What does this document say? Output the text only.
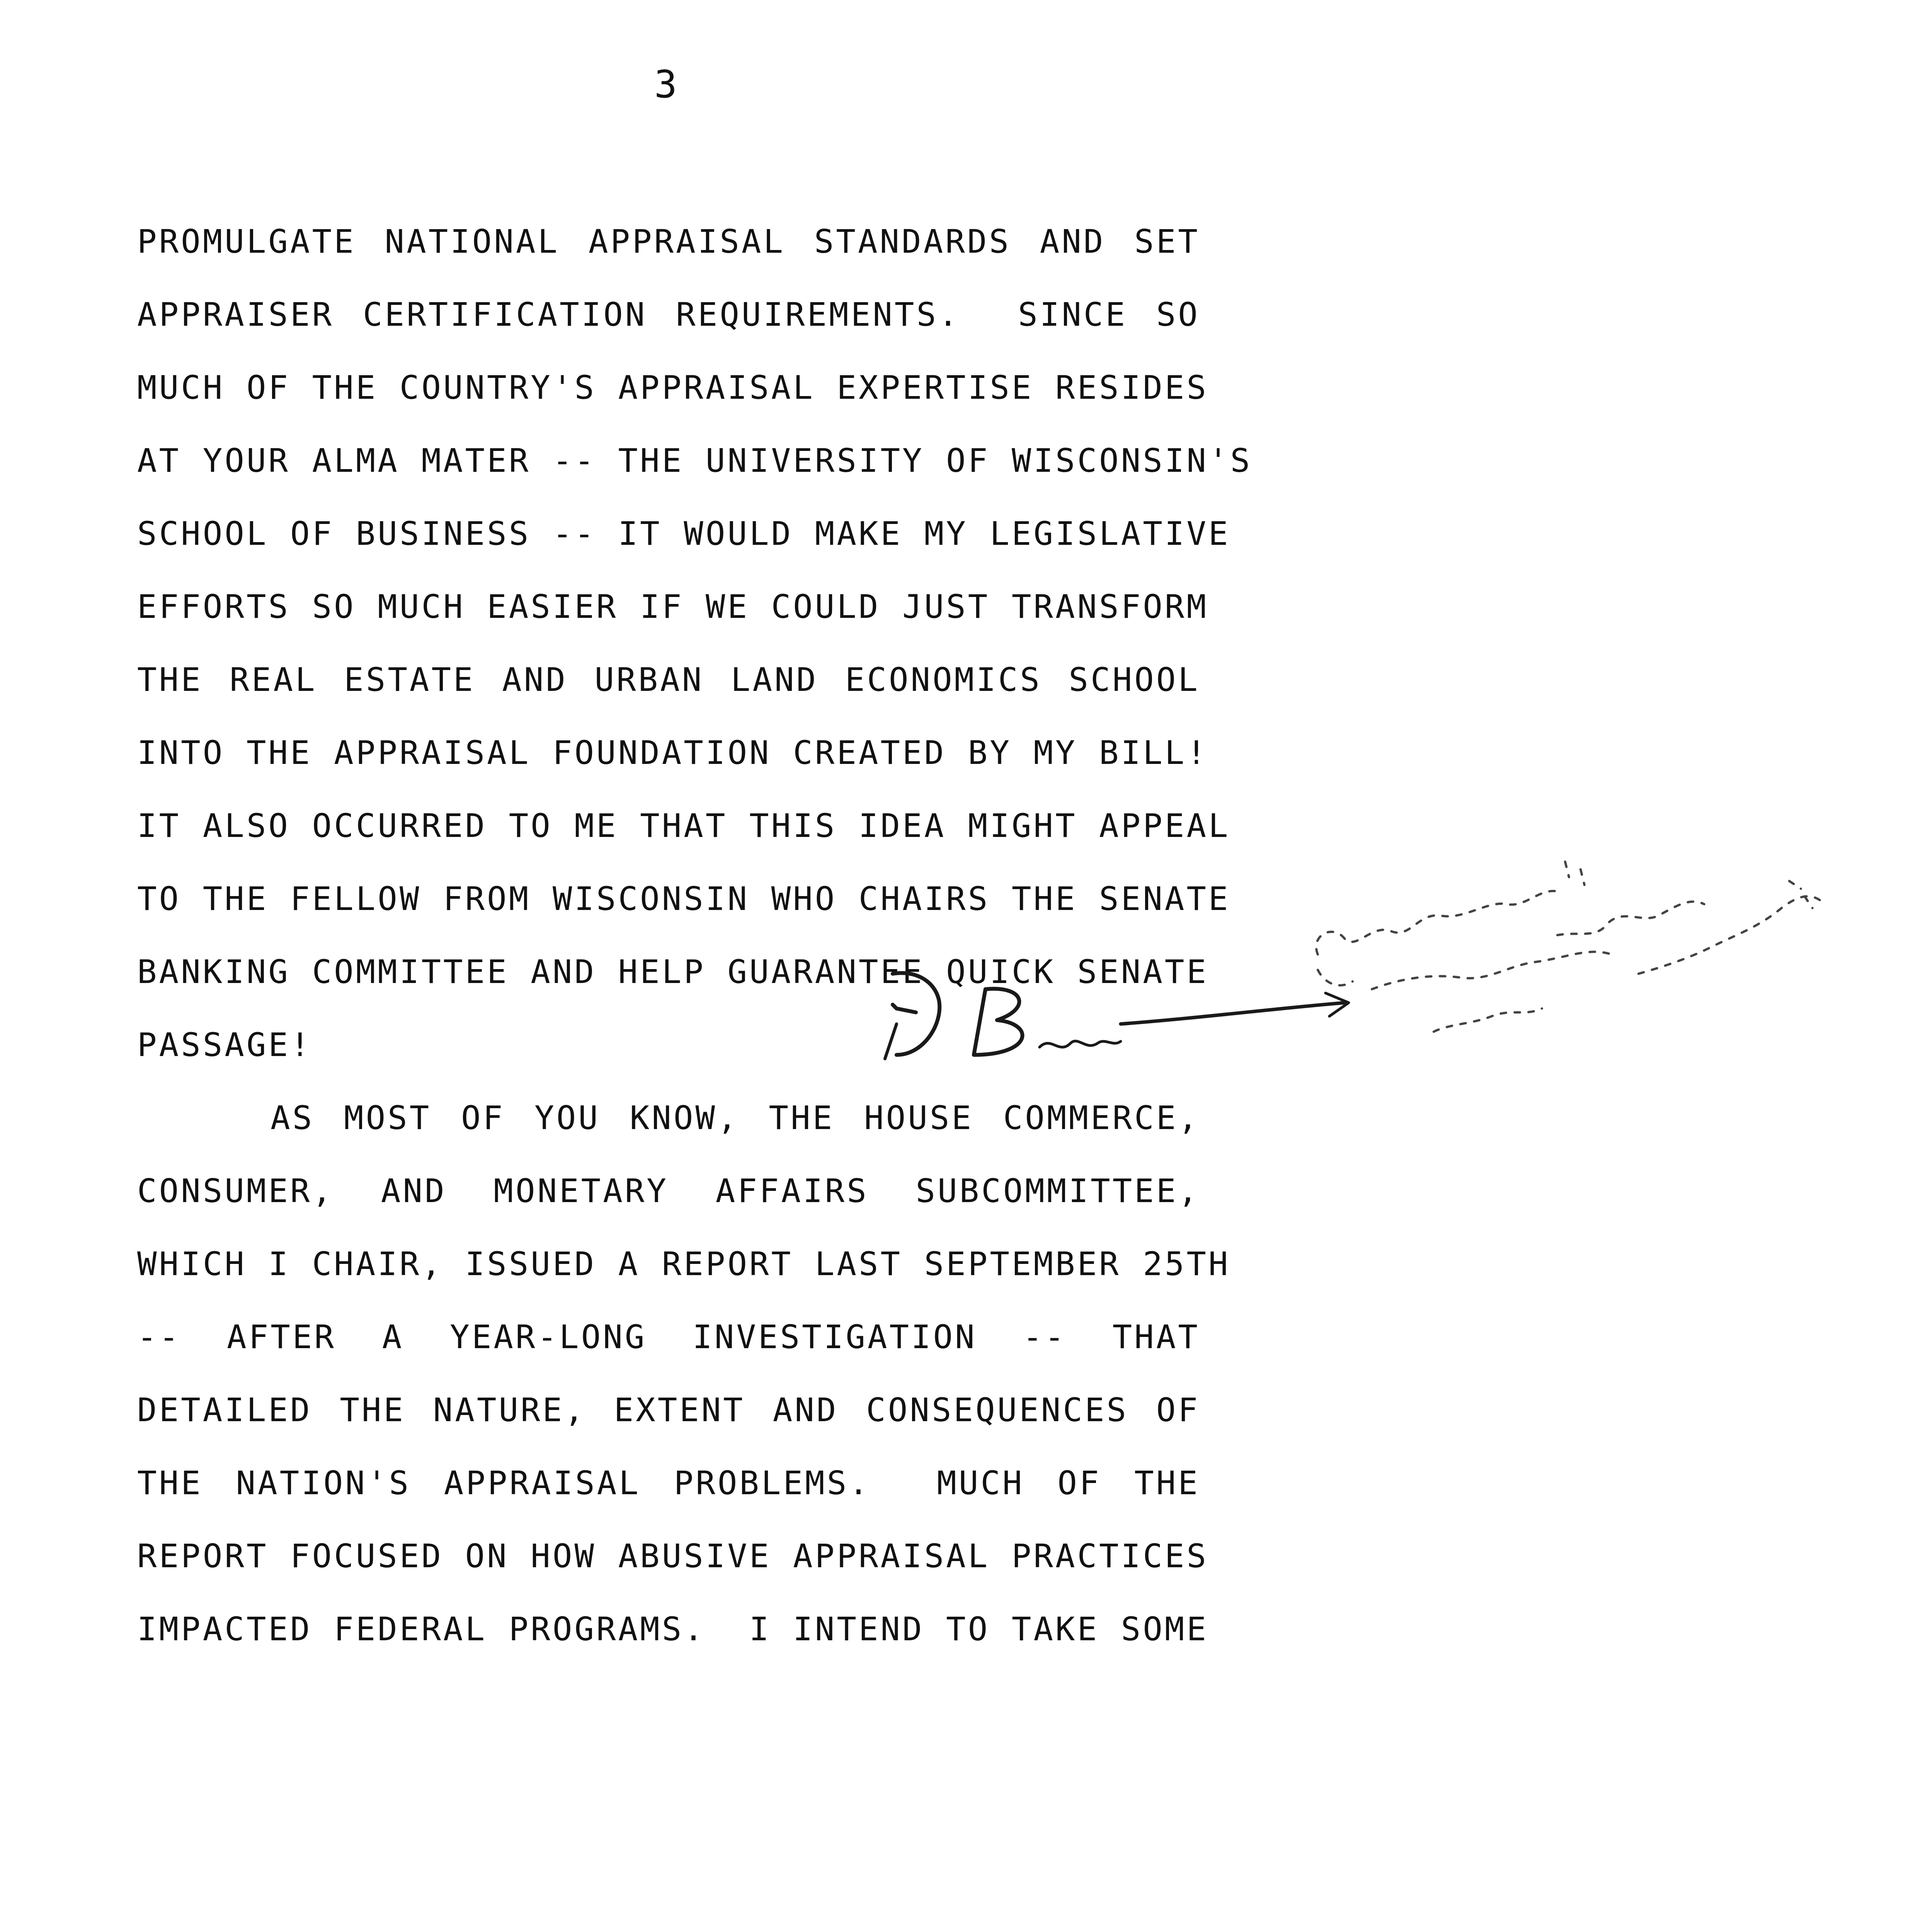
3
PROMULGATE NATIONAL APPRAISAL STANDARDS AND SET
APPRAISER CERTIFICATION REQUIREMENTS.  SINCE SO
MUCH OF THE COUNTRY'S APPRAISAL EXPERTISE RESIDES
AT YOUR ALMA MATER -- THE UNIVERSITY OF WISCONSIN'S
SCHOOL OF BUSINESS -- IT WOULD MAKE MY LEGISLATIVE
EFFORTS SO MUCH EASIER IF WE COULD JUST TRANSFORM
THE REAL ESTATE AND URBAN LAND ECONOMICS SCHOOL
INTO THE APPRAISAL FOUNDATION CREATED BY MY BILL!
IT ALSO OCCURRED TO ME THAT THIS IDEA MIGHT APPEAL
TO THE FELLOW FROM WISCONSIN WHO CHAIRS THE SENATE
BANKING COMMITTEE AND HELP GUARANTEE QUICK SENATE
PASSAGE!
AS MOST OF YOU KNOW, THE HOUSE COMMERCE,
CONSUMER, AND MONETARY AFFAIRS SUBCOMMITTEE,
WHICH I CHAIR, ISSUED A REPORT LAST SEPTEMBER 25TH
-- AFTER A YEAR-LONG INVESTIGATION -- THAT
DETAILED THE NATURE, EXTENT AND CONSEQUENCES OF
THE NATION'S APPRAISAL PROBLEMS.  MUCH OF THE
REPORT FOCUSED ON HOW ABUSIVE APPRAISAL PRACTICES
IMPACTED FEDERAL PROGRAMS.  I INTEND TO TAKE SOME
